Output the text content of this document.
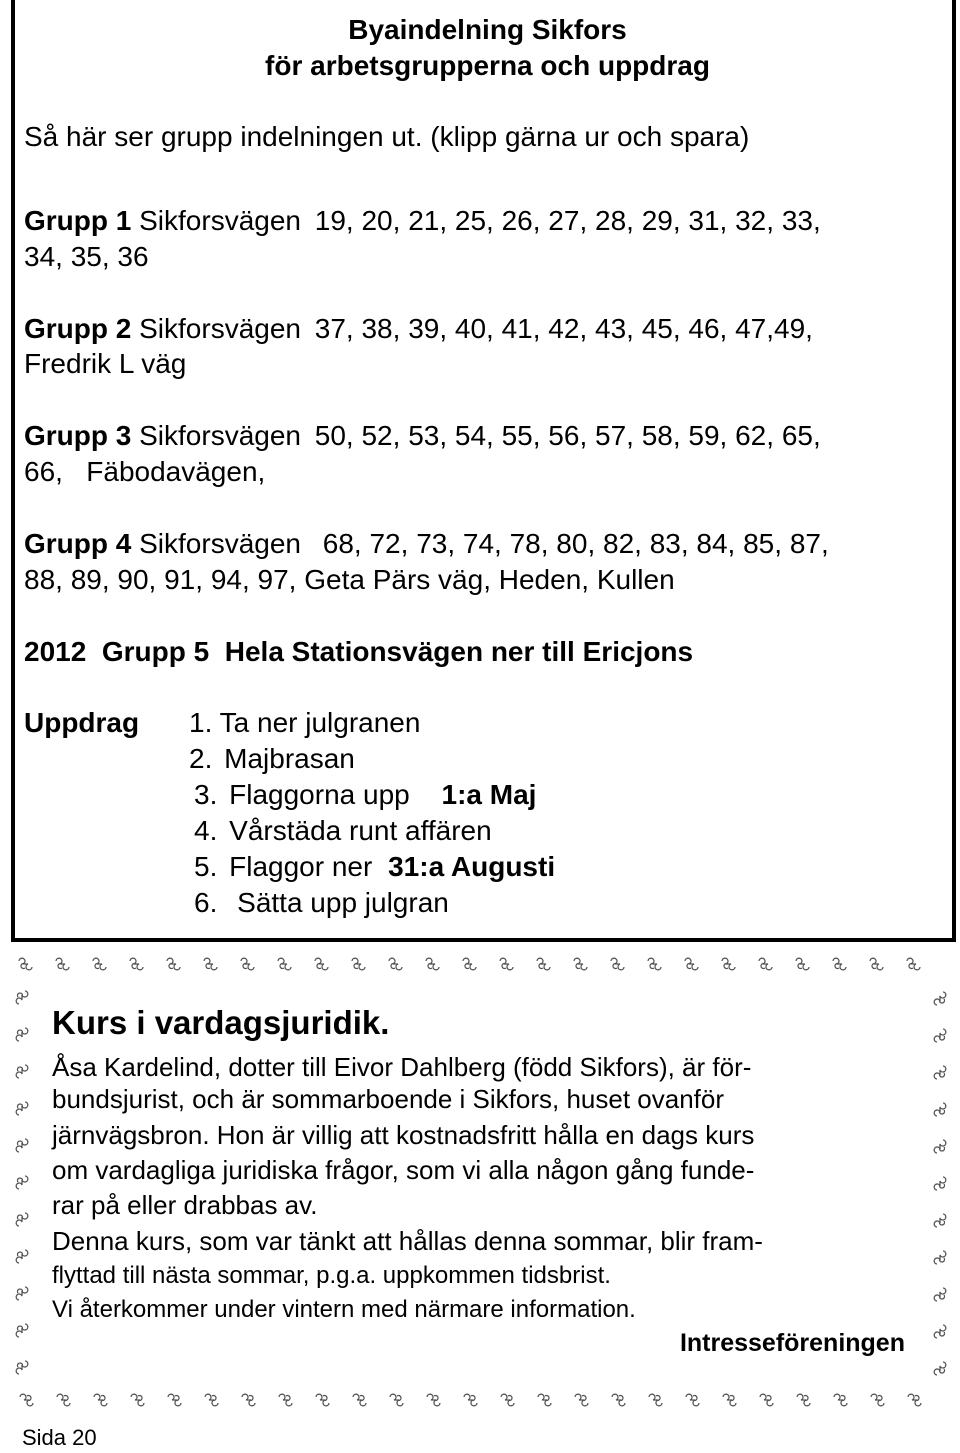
Byaindelning Sikfors
för arbetsgrupperna och uppdrag
Så här ser grupp indelningen ut. (klipp gärna ur och spara)
Grupp 1 Sikforsvägen 19, 20, 21, 25, 26, 27, 28, 29, 31, 32, 33,
34, 35, 36
Grupp 2 Sikforsvägen 37, 38, 39, 40, 41, 42, 43, 45, 46, 47,49,
Fredrik L väg
Grupp 3 Sikforsvägen 50, 52, 53, 54, 55, 56, 57, 58, 59, 62, 65,
66,   Fäbodavägen,
Grupp 4 Sikforsvägen 68, 72, 73, 74, 78, 80, 82, 83, 84, 85, 87,
88, 89, 90, 91, 94, 97, Geta Pärs väg, Heden, Kullen
2012  Grupp 5  Hela Stationsvägen ner till Ericjons
Uppdrag 1. Ta ner julgranen
2. Majbrasan
3. Flaggorna upp 1:a Maj
4. Vårstäda runt affären
5. Flaggor ner 31:a Augusti
6. Sätta upp julgran
Kurs i vardagsjuridik.
Åsa Kardelind, dotter till Eivor Dahlberg (född Sikfors), är för-
bundsjurist, och är sommarboende i Sikfors, huset ovanför
järnvägsbron. Hon är villig att kostnadsfritt hålla en dags kurs
om vardagliga juridiska frågor, som vi alla någon gång funde-
rar på eller drabbas av.
Denna kurs, som var tänkt att hållas denna sommar, blir fram-
flyttad till nästa sommar, p.g.a. uppkommen tidsbrist.
Vi återkommer under vintern med närmare information.
Intresseföreningen
Sida 20
